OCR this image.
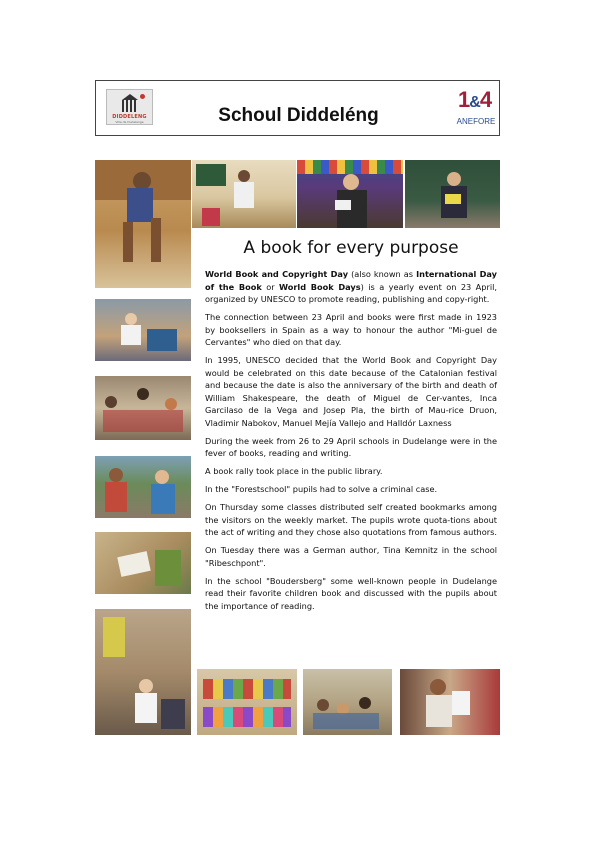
DIDDELENG
Ville de Dudelange	Schoul Diddeléng
1&4
ANEFORE
A book for every purpose

World Book and Copyright Day (also known as International Day of the Book or World Book Days) is a yearly event on 23 April, organized by UNESCO to promote reading, publishing and copy-right.

The connection between 23 April and books were first made in 1923 by booksellers in Spain as a way to honour the author "Mi-guel de Cervantes" who died on that day.

In 1995, UNESCO decided that the World Book and Copyright Day would be celebrated on this date because of the Catalonian festival and because the date is also the anniversary of the birth and death of William Shakespeare, the death of Miguel de Cer-vantes, Inca Garcilaso de la Vega and Josep Pla, the birth of Mau-rice Druon, Vladimir Nabokov, Manuel Mejía Vallejo and Halldór Laxness

During the week from 26 to 29 April schools in Dudelange were in the fever of books, reading and writing.

A book rally took place in the public library.

In the "Forestschool" pupils had to solve a criminal case.

On Thursday some classes distributed self created bookmarks among the visitors on the weekly market. The pupils wrote quota-tions about the act of writing and they chose also quotations from famous authors.

On Tuesday there was a German author, Tina Kemnitz in the school "Ribeschpont".

In the school "Boudersberg" some well-known people in Dudelange read their favorite children book and discussed with the pupils about the importance of reading.
